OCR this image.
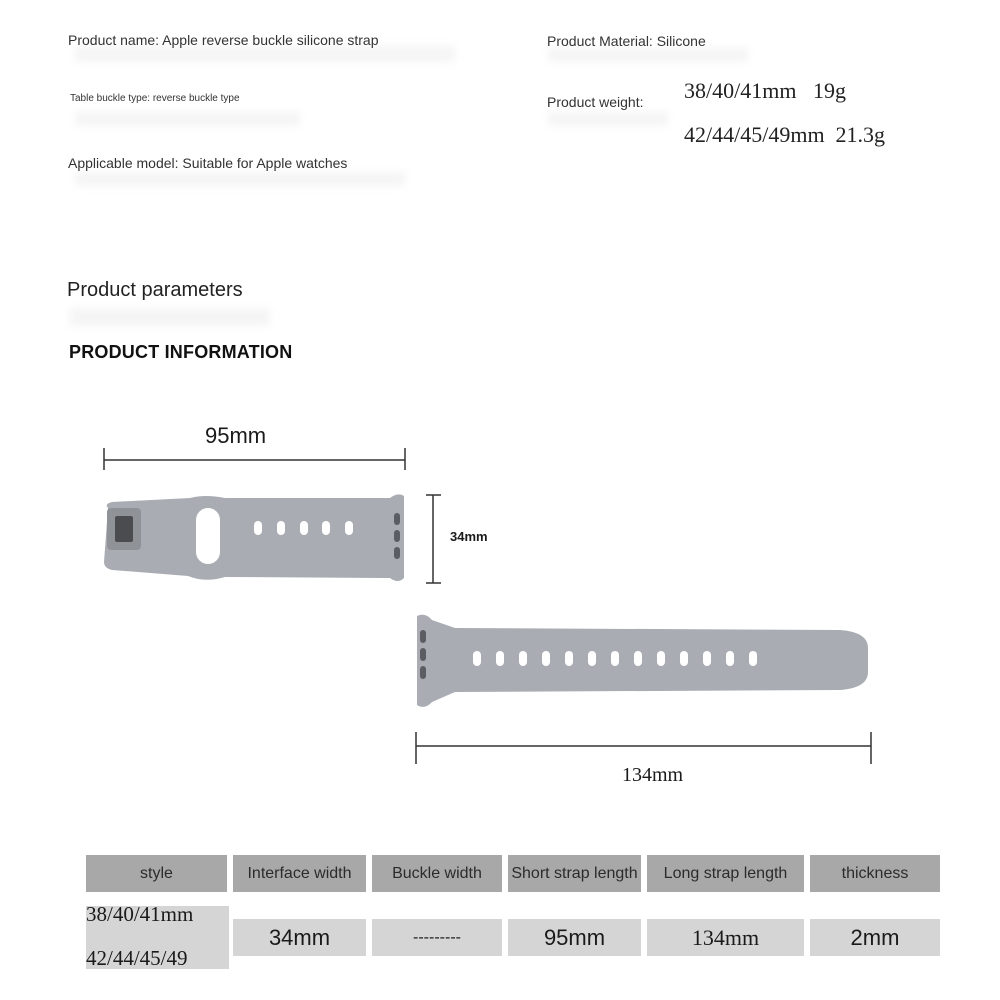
Product name: Apple reverse buckle silicone strap
Table buckle type: reverse buckle type
Applicable model: Suitable for Apple watches
Product Material: Silicone
Product weight: 38/40/41mm   19g
42/44/45/49mm  21.3g
Product parameters
PRODUCT INFORMATION
95mm
34mm
134mm
style	Interface width	Buckle width	Short strap length	Long strap length	thickness
38/40/41mm
42/44/45/49
34mm	---------	95mm	134mm	2mm
